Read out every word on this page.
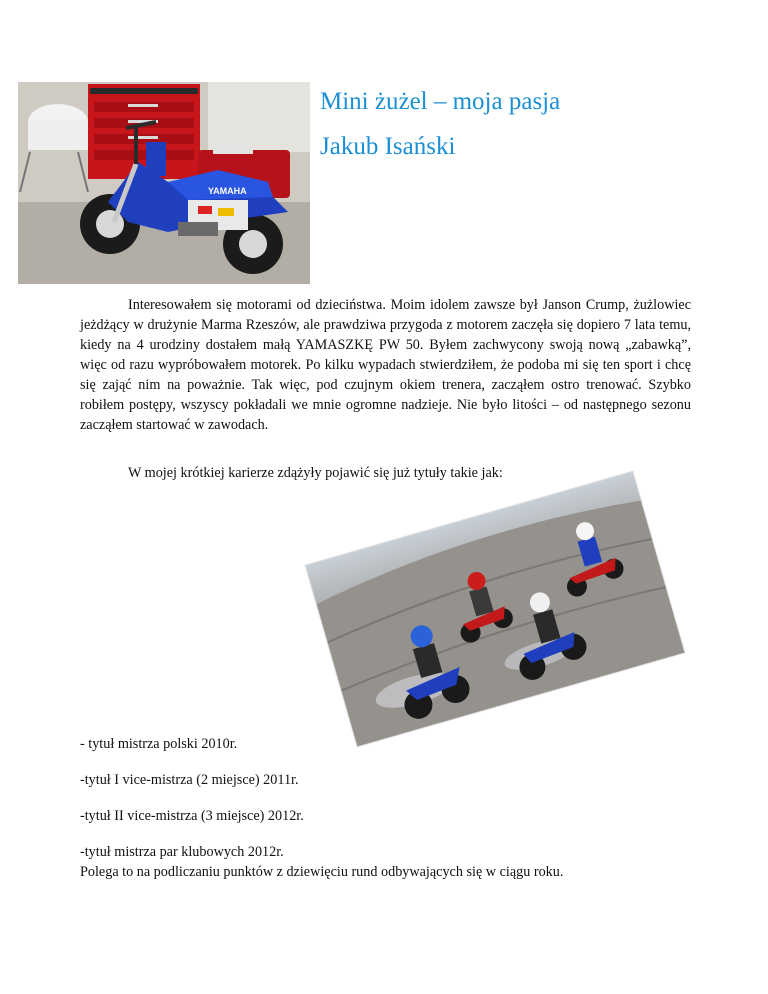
YAMAHA
Mini żużel – moja pasja
Jakub Isański

Interesowałem się motorami od dzieciństwa. Moim idolem zawsze był Janson Crump, żużlowiec jeżdżący w drużynie Marma Rzeszów, ale prawdziwa przygoda z motorem zaczęła się dopiero 7 lata temu, kiedy na 4 urodziny dostałem małą YAMASZKĘ PW 50. Byłem zachwycony swoją nową „zabawką”, więc od razu wypróbowałem motorek. Po kilku wypadach stwierdziłem, że podoba mi się ten sport i chcę się zająć nim na poważnie. Tak więc, pod czujnym okiem trenera, zacząłem ostro trenować. Szybko robiłem postępy, wszyscy pokładali we mnie ogromne nadzieje. Nie było litości – od następnego sezonu zacząłem startować w zawodach.

W mojej krótkiej karierze zdążyły pojawić się już tytuły takie jak:

- tytuł mistrza polski 2010r.

-tytuł I vice-mistrza (2 miejsce) 2011r.

-tytuł II vice-mistrza (3 miejsce) 2012r.

-tytuł mistrza par klubowych 2012r.

Polega to na podliczaniu punktów z dziewięciu rund odbywających się w ciągu roku.
